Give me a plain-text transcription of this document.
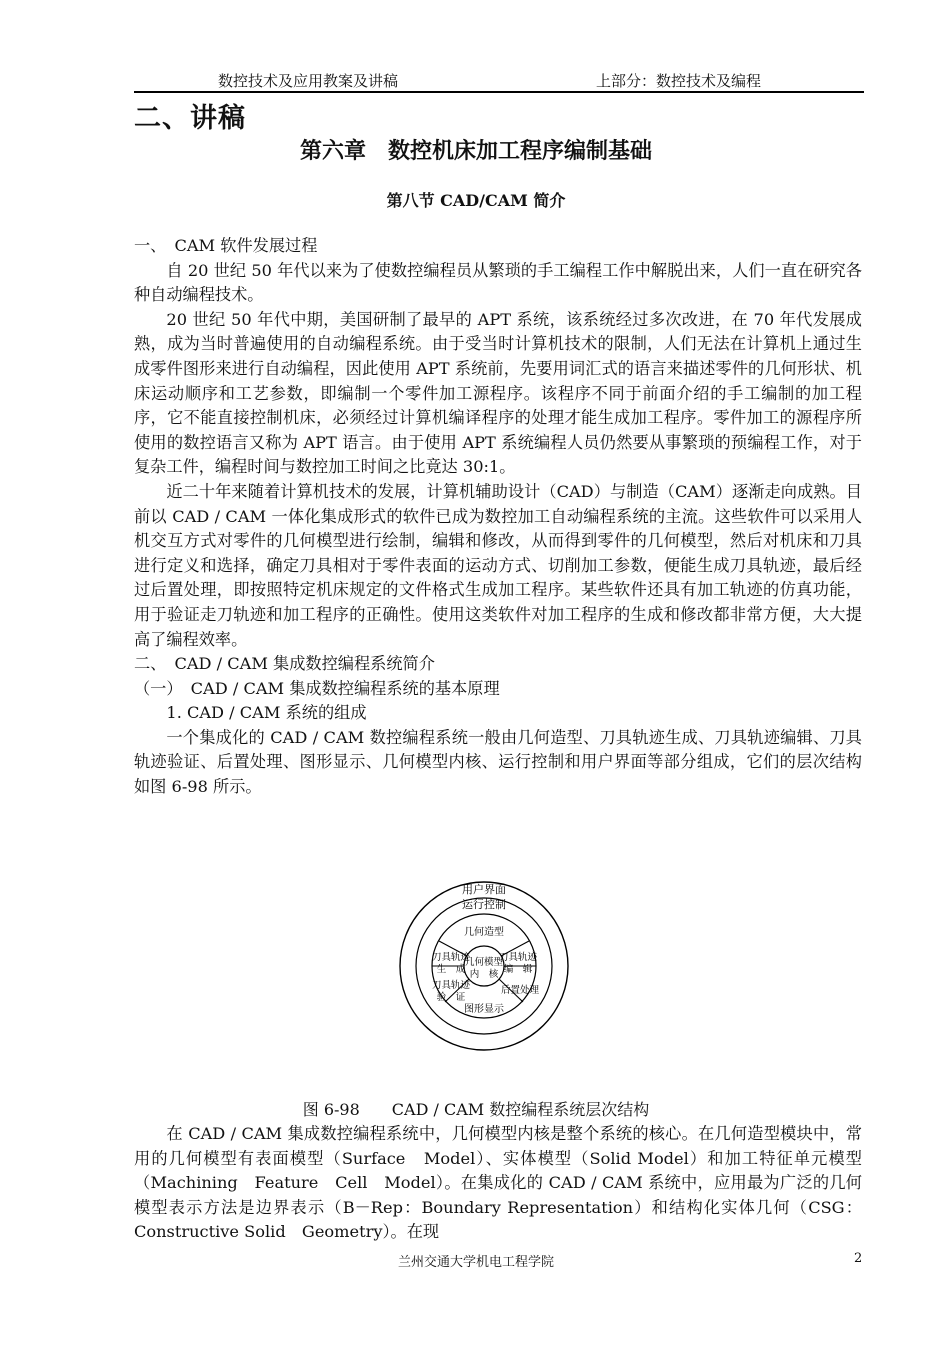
数控技术及应用教案及讲稿	上部分：数控技术及编程
二、讲稿
第六章　数控机床加工程序编制基础
第八节 CAD/CAM 简介

一、　CAM 软件发展过程

自 20 世纪 50 年代以来为了使数控编程员从繁琐的手工编程工作中解脱出来，人们一直在研究各种自动编程技术。

20 世纪 50 年代中期，美国研制了最早的 APT 系统，该系统经过多次改进，在 70 年代发展成熟，成为当时普遍使用的自动编程系统。由于受当时计算机技术的限制，人们无法在计算机上通过生成零件图形来进行自动编程，因此使用 APT 系统前，先要用词汇式的语言来描述零件的几何形状、机床运动顺序和工艺参数，即编制一个零件加工源程序。该程序不同于前面介绍的手工编制的加工程序，它不能直接控制机床，必须经过计算机编译程序的处理才能生成加工程序。零件加工的源程序所使用的数控语言又称为 APT 语言。由于使用 APT 系统编程人员仍然要从事繁琐的预编程工作，对于复杂工件，编程时间与数控加工时间之比竟达 30:1。

近二十年来随着计算机技术的发展，计算机辅助设计（CAD）与制造（CAM）逐渐走向成熟。目前以 CAD / CAM 一体化集成形式的软件已成为数控加工自动编程系统的主流。这些软件可以采用人机交互方式对零件的几何模型进行绘制，编辑和修改，从而得到零件的几何模型，然后对机床和刀具进行定义和选择，确定刀具相对于零件表面的运动方式、切削加工参数，便能生成刀具轨迹，最后经过后置处理，即按照特定机床规定的文件格式生成加工程序。某些软件还具有加工轨迹的仿真功能，用于验证走刀轨迹和加工程序的正确性。使用这类软件对加工程序的生成和修改都非常方便，大大提高了编程效率。

二、　CAD / CAM 集成数控编程系统简介

（一）　CAD / CAM 集成数控编程系统的基本原理

1. CAD / CAM 系统的组成

一个集成化的 CAD / CAM 数控编程系统一般由几何造型、刀具轨迹生成、刀具轨迹编辑、刀具轨迹验证、后置处理、图形显示、几何模型内核、运行控制和用户界面等部分组成，它们的层次结构如图 6-98 所示。

用户界面
运行控制
几何造型
刀具轨迹
生　成
刀具轨迹
编　辑
几何模型
内　核
刀具轨迹
验　证
后置处理
图形显示
图 6-98　　CAD / CAM 数控编程系统层次结构

在 CAD / CAM 集成数控编程系统中，几何模型内核是整个系统的核心。在几何造型模块中，常用的几何模型有表面模型（Surface　Model）、实体模型（Solid Model）和加工特征单元模型（Machining　Feature　Cell　Model）。在集成化的 CAD / CAM 系统中，应用最为广泛的几何模型表示方法是边界表示（B－Rep：Boundary Representation）和结构化实体几何（CSG：Constructive Solid　Geometry）。在现

兰州交通大学机电工程学院	2
